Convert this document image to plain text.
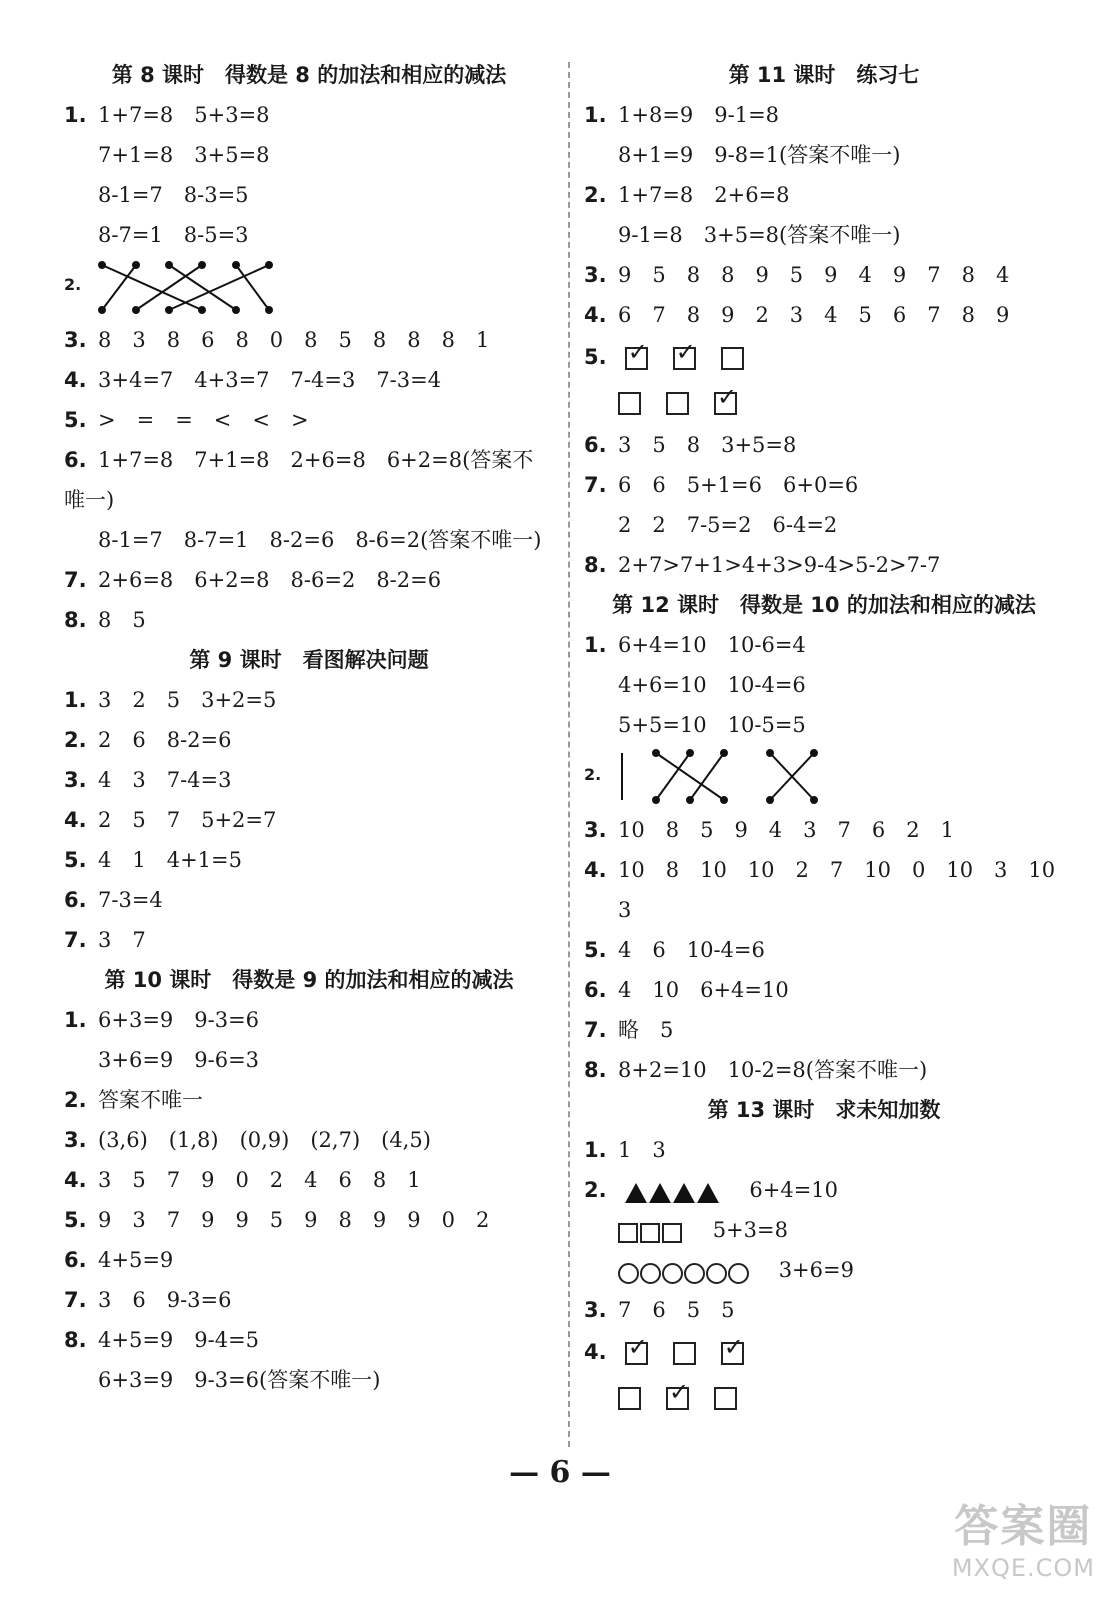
第 8 课时　得数是 8 的加法和相应的减法
1. 1+7=8　5+3=8
7+1=8　3+5=8
8-1=7　8-3=5
8-7=1　8-5=3
2.
3. 8　3　8　6　8　0　8　5　8　8　8　1
4. 3+4=7　4+3=7　7-4=3　7-3=4
5. >　=　=　<　<　>
6. 1+7=8　7+1=8　2+6=8　6+2=8(答案不唯一)
8-1=7　8-7=1　8-2=6　8-6=2(答案不唯一)
7. 2+6=8　6+2=8　8-6=2　8-2=6
8. 8　5
第 9 课时　看图解决问题
1. 3　2　5　3+2=5
2. 2　6　8-2=6
3. 4　3　7-4=3
4. 2　5　7　5+2=7
5. 4　1　4+1=5
6. 7-3=4
7. 3　7
第 10 课时　得数是 9 的加法和相应的减法
1. 6+3=9　9-3=6
3+6=9　9-6=3
2. 答案不唯一
3. (3,6)　(1,8)　(0,9)　(2,7)　(4,5)
4. 3　5　7　9　0　2　4　6　8　1
5. 9　3　7　9　9　5　9　8　9　9　0　2
6. 4+5=9
7. 3　6　9-3=6
8. 4+5=9　9-4=5
6+3=9　9-3=6(答案不唯一)
第 11 课时　练习七
1. 1+8=9　9-1=8
8+1=9　9-8=1(答案不唯一)
2. 1+7=8　2+6=8
9-1=8　3+5=8(答案不唯一)
3. 9　5　8　8　9　5　9　4　9　7　8　4
4. 6　7　8　9　2　3　4　5　6　7　8　9
5. ✓✓
✓
6. 3　5　8　3+5=8
7. 6　6　5+1=6　6+0=6
2　2　7-5=2　6-4=2
8. 2+7>7+1>4+3>9-4>5-2>7-7
第 12 课时　得数是 10 的加法和相应的减法
1. 6+4=10　10-6=4
4+6=10　10-4=6
5+5=10　10-5=5
2.
3. 10　8　5　9　4　3　7　6　2　1
4. 10　8　10　10　2　7　10　0　10　3　10
3
5. 4　6　10-4=6
6. 4　10　6+4=10
7. 略　5
8. 8+2=10　10-2=8(答案不唯一)
第 13 课时　求未知加数
1. 1　3
2.	6+4=10
5+3=8
3+6=9
3. 7　6　5　5
4. ✓✓
✓
— 6 —
答案圈
MXQE.COM
